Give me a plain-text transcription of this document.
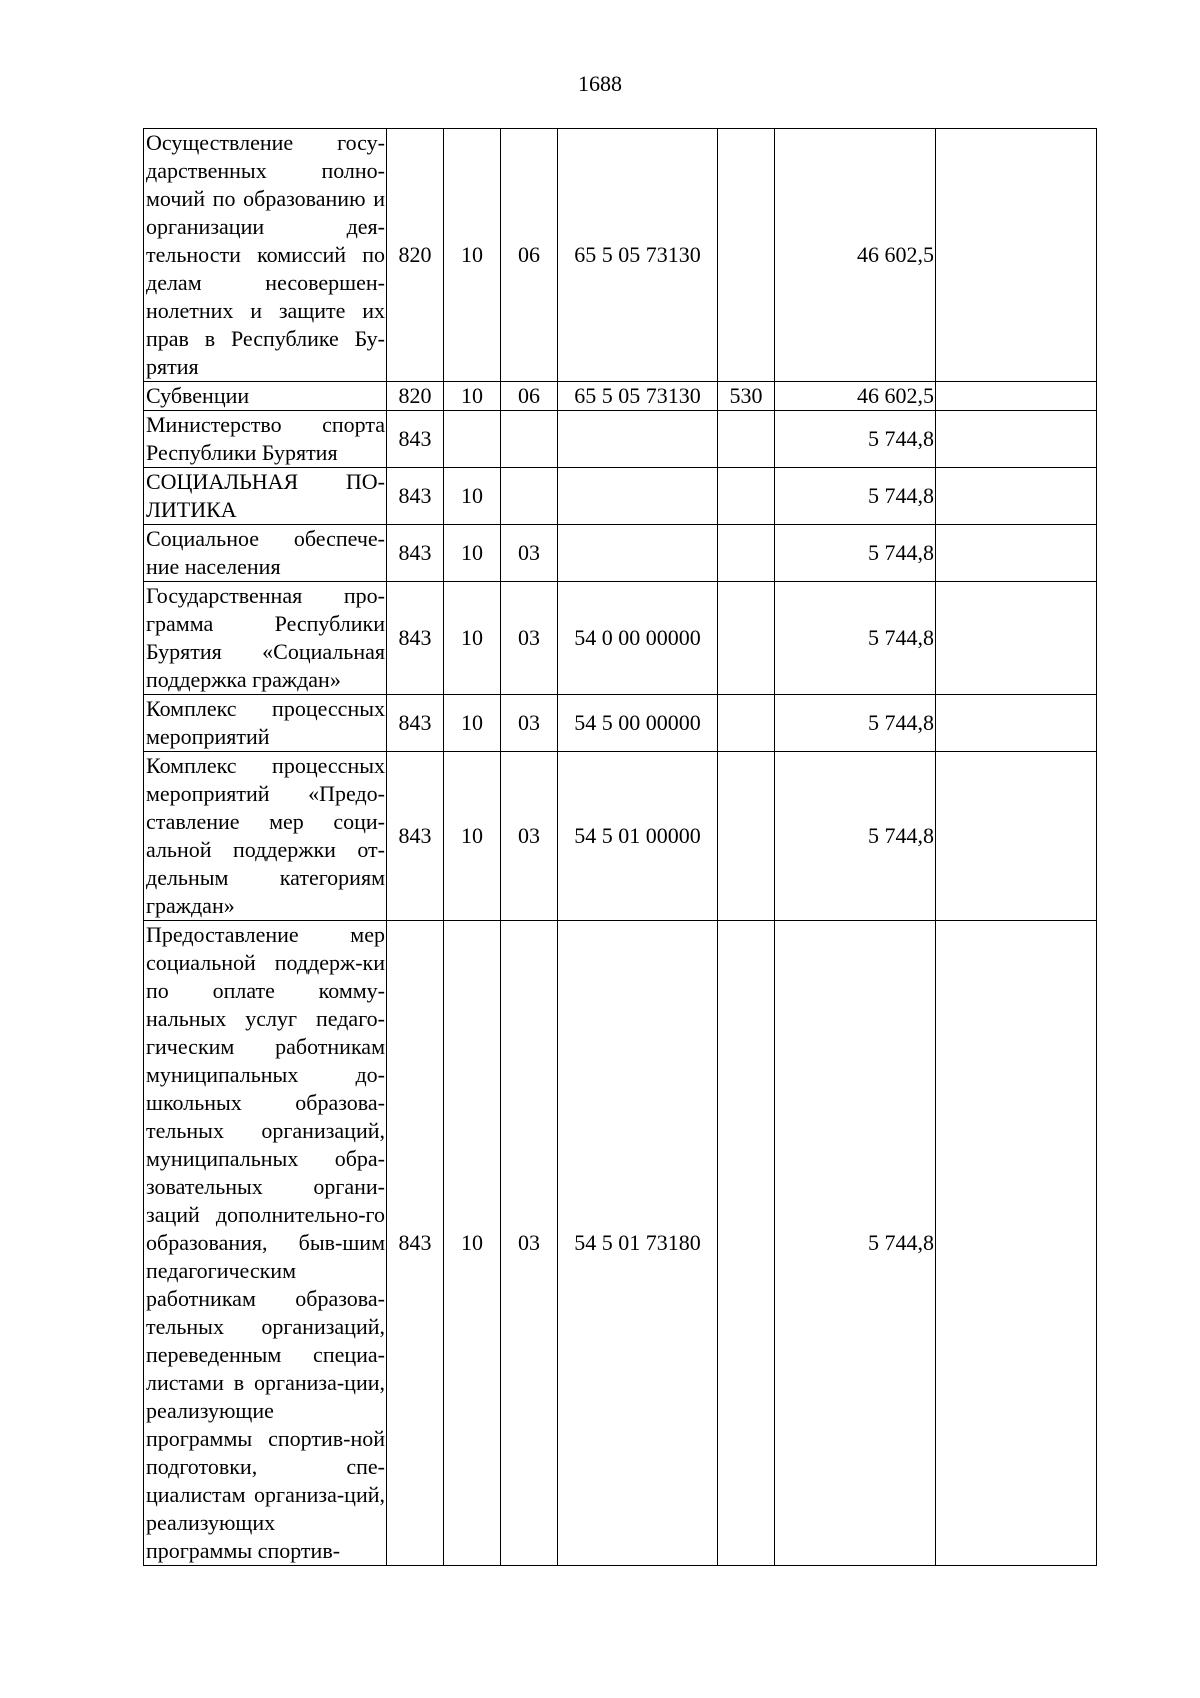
1688
Осуществление госу-дарственных полно-мочий по образованию и организации дея-тельности комиссий по делам несовершен-нолетних и защите их прав в Республике Бу-рятия	820	10	06	65 5 05 73130		46 602,5	
Субвенции	820	10	06	65 5 05 73130	530	46 602,5	
Министерство спорта Республики Бурятия	843					5 744,8	
СОЦИАЛЬНАЯ ПО-ЛИТИКА	843	10				5 744,8	
Социальное обеспече-ние населения	843	10	03			5 744,8	
Государственная про-грамма Республики Бурятия «Социальная поддержка граждан»	843	10	03	54 0 00 00000		5 744,8	
Комплекс процессных мероприятий	843	10	03	54 5 00 00000		5 744,8	
Комплекс процессных мероприятий «Предо-ставление мер соци-альной поддержки от-дельным категориям граждан»	843	10	03	54 5 01 00000		5 744,8	
Предоставление мер социальной поддерж-ки по оплате комму-нальных услуг педаго-гическим работникам муниципальных до-школьных образова-тельных организаций, муниципальных обра-зовательных органи-заций дополнительно-го образования, быв-шим педагогическим работникам образова-тельных организаций, переведенным специа-листами в организа-ции, реализующие программы спортив-ной подготовки, спе-циалистам организа-ций, реализующих программы спортив-	843	10	03	54 5 01 73180		5 744,8	
